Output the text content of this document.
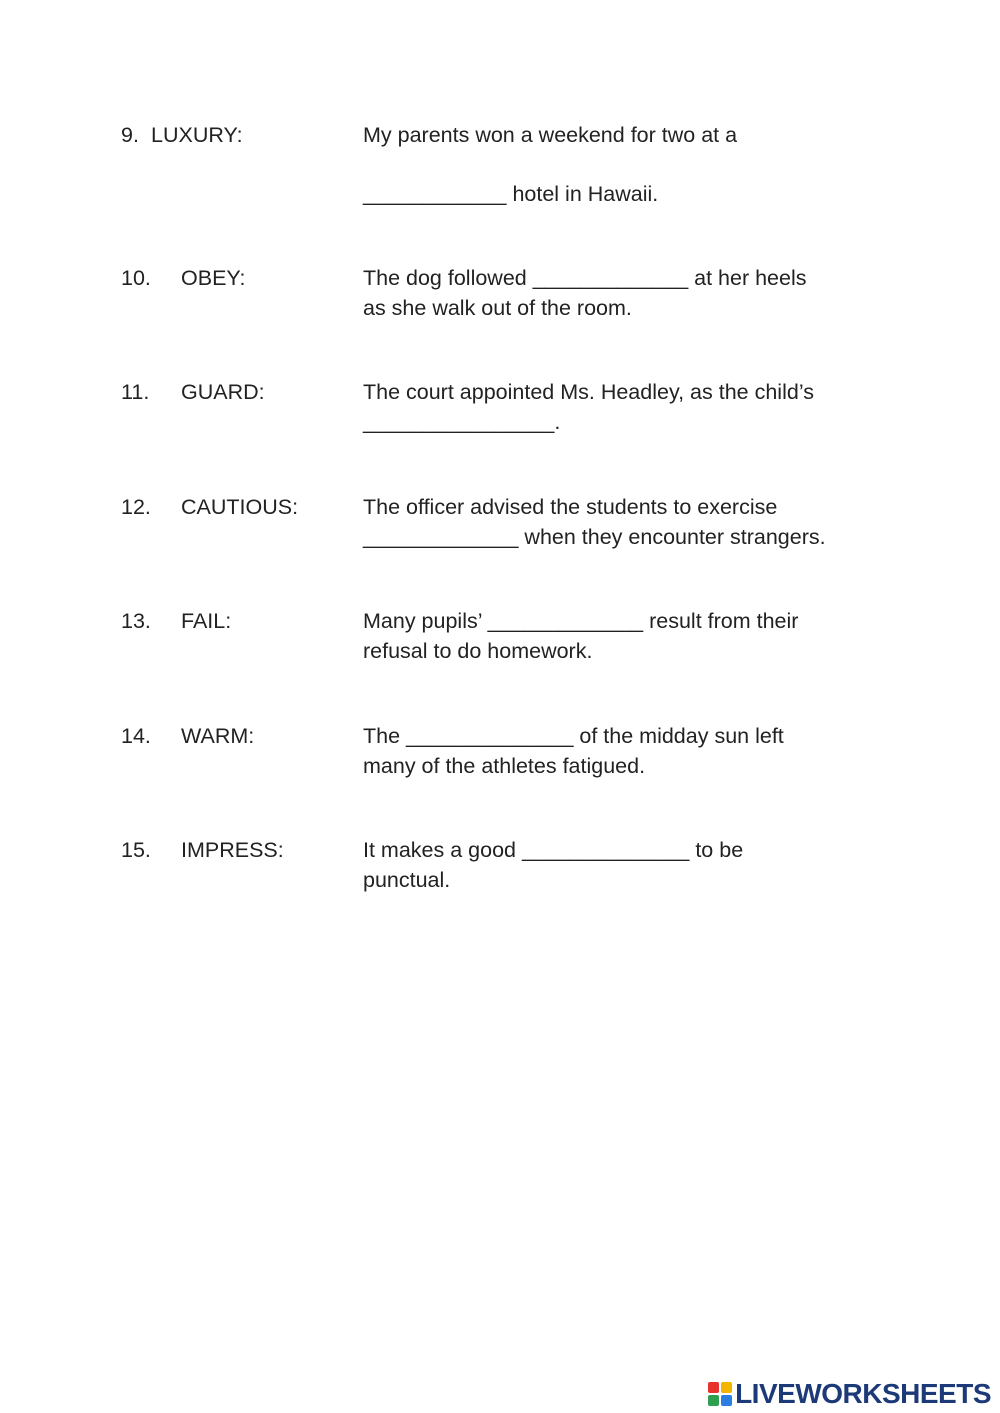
9. LUXURY:	My parents won a weekend for two at a
____________ hotel in Hawaii.
10. OBEY:	The dog followed _____________ at her heels
as she walk out of the room.
11. GUARD:	The court appointed Ms. Headley, as the child’s
________________.
12. CAUTIOUS:	The officer advised the students to exercise
_____________ when they encounter strangers.
13. FAIL:	Many pupils’ _____________ result from their
refusal to do homework.
14. WARM:	The ______________ of the midday sun left
many of the athletes fatigued.
15. IMPRESS:	It makes a good ______________ to be
punctual.
LIVEWORKSHEETS
